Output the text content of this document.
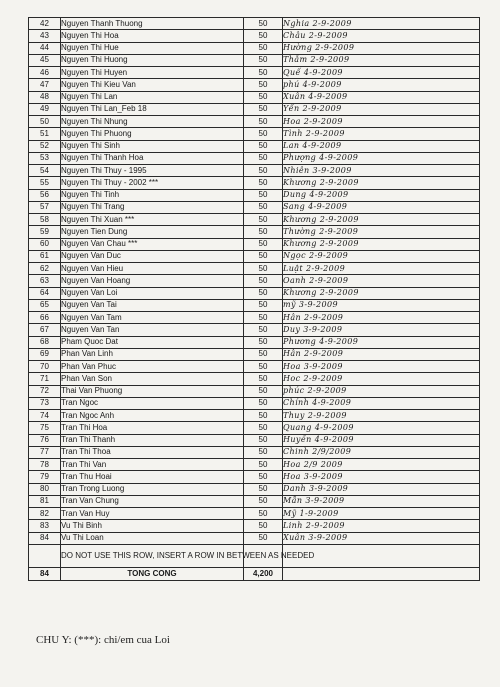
42	Nguyen Thanh Thuong	50	Nghia 2-9-2009
43	Nguyen Thi Hoa	50	Châu 2-9-2009
44	Nguyen Thi Hue	50	Hường 2-9-2009
45	Nguyen Thi Huong	50	Thắm 2-9-2009
46	Nguyen Thi Huyen	50	Quế 4-9-2009
47	Nguyen Thi Kieu Van	50	phú 4-9-2009
48	Nguyen Thi Lan	50	Xuân 4-9-2009
49	Nguyen Thi Lan_Feb 18	50	Yến 2-9-2009
50	Nguyen Thi Nhung	50	Hoa 2-9-2009
51	Nguyen Thi Phuong	50	Tình 2-9-2009
52	Nguyen Thi Sinh	50	Lan 4-9-2009
53	Nguyen Thi Thanh Hoa	50	Phượng 4-9-2009
54	Nguyen Thi Thuy - 1995	50	Nhiên 3-9-2009
55	Nguyen Thi Thuy - 2002 ***	50	Khương 2-9-2009
56	Nguyen Thi Tinh	50	Dung 4-9-2009
57	Nguyen Thi Trang	50	Sang 4-9-2009
58	Nguyen Thi Xuan ***	50	Khương 2-9-2009
59	Nguyen Tien Dung	50	Thường 2-9-2009
60	Nguyen Van Chau ***	50	Khương 2-9-2009
61	Nguyen Van Duc	50	Ngọc 2-9-2009
62	Nguyen Van Hieu	50	Luật 2-9-2009
63	Nguyen Van Hoang	50	Oanh 2-9-2009
64	Nguyen Van Loi	50	Khương 2-9-2009
65	Nguyen Van Tai	50	mỹ 3-9-2009
66	Nguyen Van Tam	50	Hân 2-9-2009
67	Nguyen Van Tan	50	Duy 3-9-2009
68	Pham Quoc Dat	50	Phương 4-9-2009
69	Phan Van Linh	50	Hân 2-9-2009
70	Phan Van Phuc	50	Hoa 3-9-2009
71	Phan Van Son	50	Hoc 2-9-2009
72	Thai Van Phuong	50	phúc 2-9-2009
73	Tran Ngoc	50	Chính 4-9-2009
74	Tran Ngoc Anh	50	Thuy 2-9-2009
75	Tran Thi Hoa	50	Quang 4-9-2009
76	Tran Thi Thanh	50	Huyền 4-9-2009
77	Tran Thi Thoa	50	Chinh 2/9/2009
78	Tran Thi Van	50	Hoa 2/9 2009
79	Tran Thu Hoai	50	Hoa 3-9-2009
80	Tran Trong Luong	50	Danh 3-9-2009
81	Tran Van Chung	50	Mẫn 3-9-2009
82	Tran Van Huy	50	Mỹ 1-9-2009
83	Vu Thi Binh	50	Linh 2-9-2009
84	Vu Thi Loan	50	Xuân 3-9-2009
	DO NOT USE THIS ROW, INSERT A ROW IN BETWEEN AS NEEDED		
84	TONG CONG	4,200	
CHU Y: (***): chi/em cua Loi
